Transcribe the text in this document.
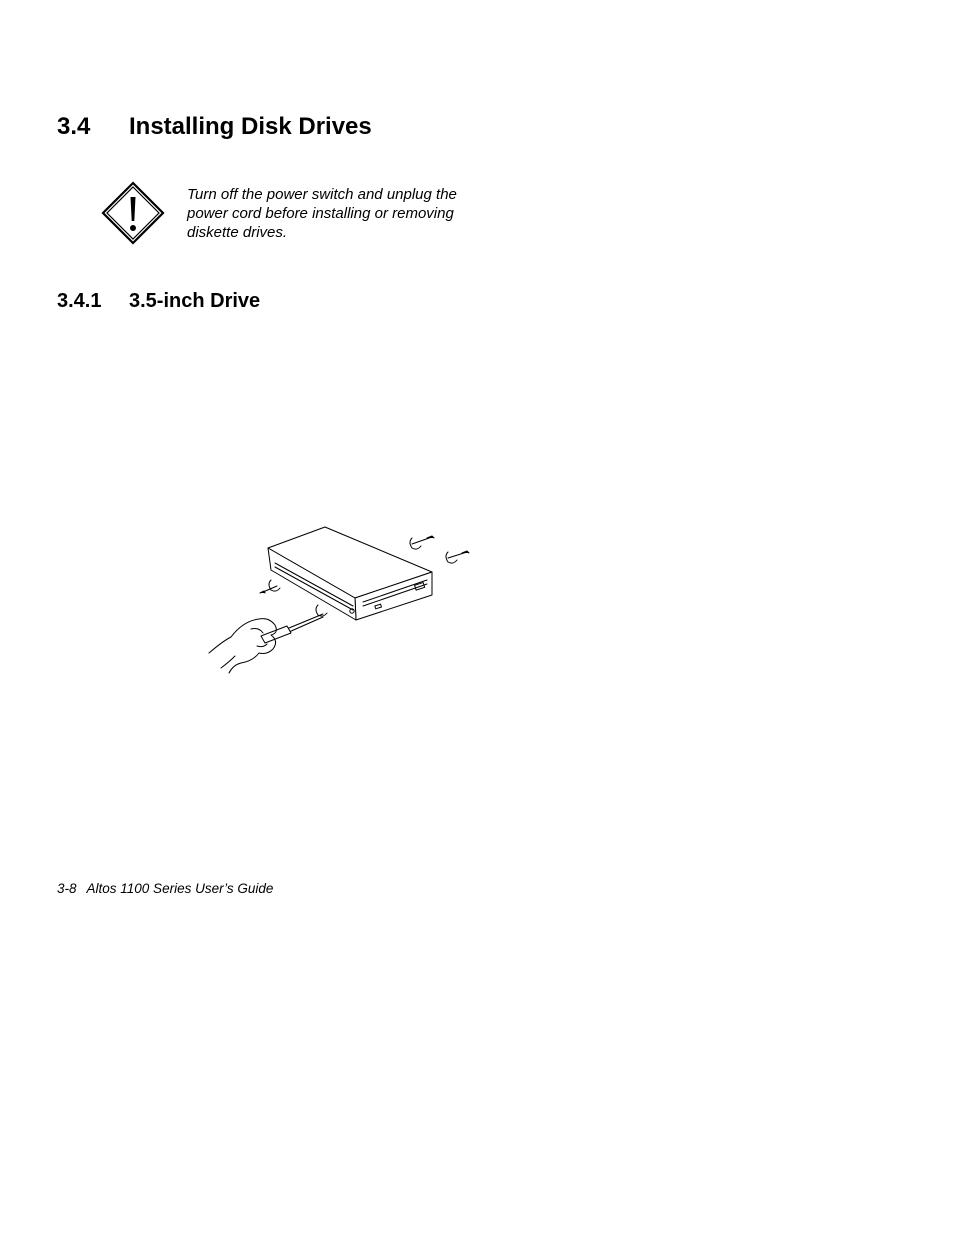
3.4 Installing Disk Drives
Turn off the power switch and unplug the
power cord before installing or removing
diskette drives.
3.4.1 3.5-inch Drive
3-8 Altos 1100 Series User’s Guide
